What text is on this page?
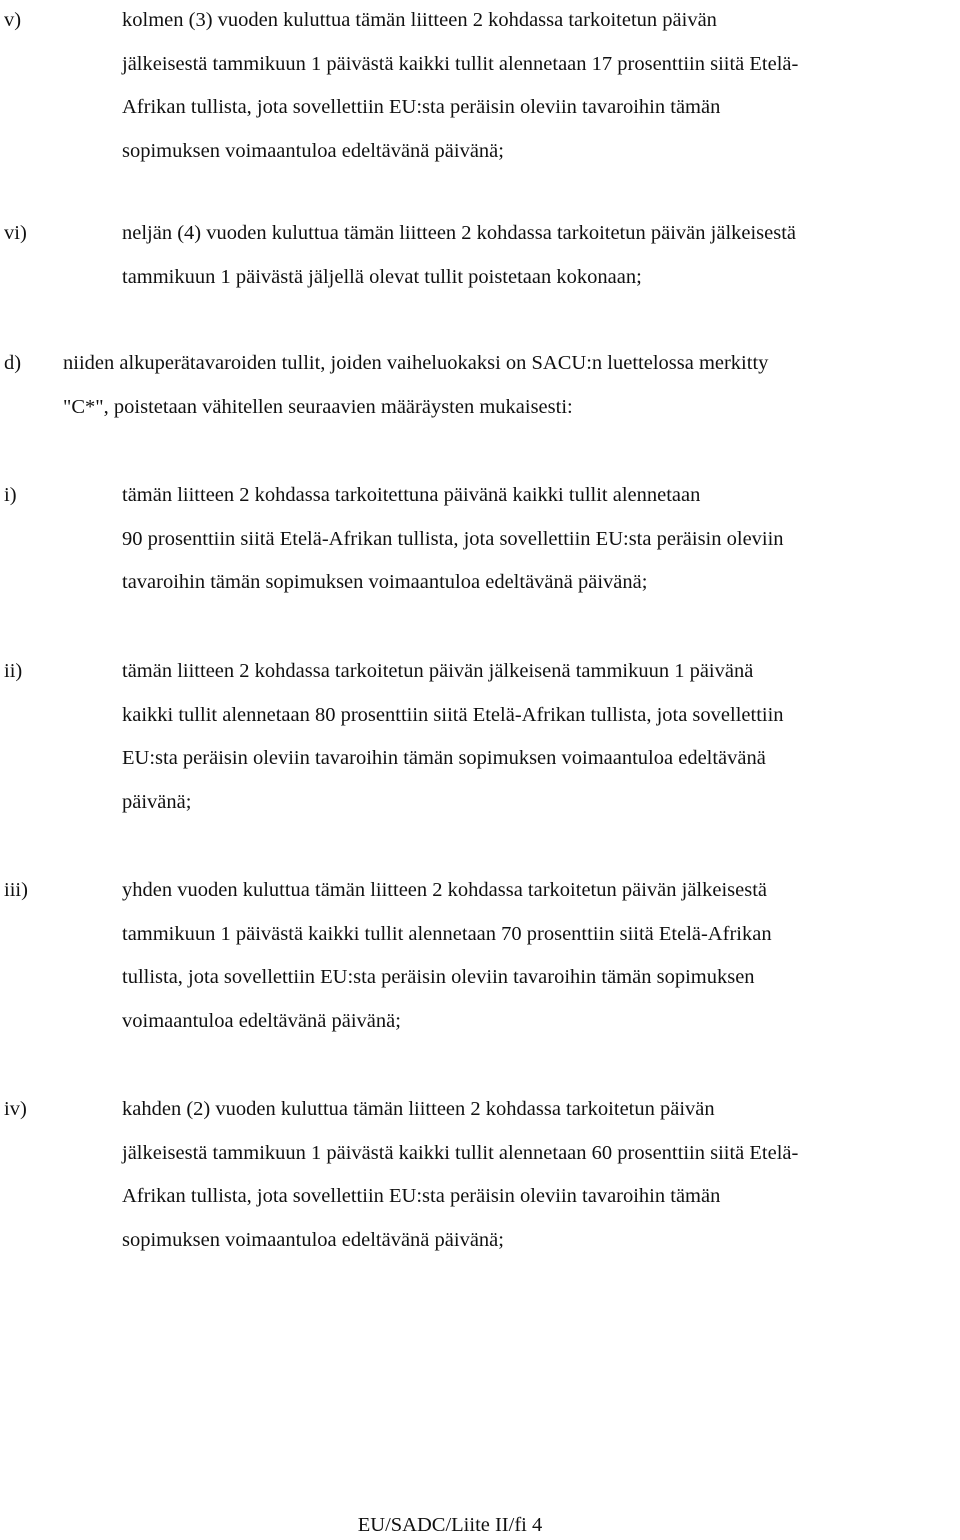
v)	kolmen (3) vuoden kuluttua tämän liitteen 2 kohdassa tarkoitetun päivän
jälkeisestä tammikuun 1 päivästä kaikki tullit alennetaan 17 prosenttiin siitä Etelä-
Afrikan tullista, jota sovellettiin EU:sta peräisin oleviin tavaroihin tämän
sopimuksen voimaantuloa edeltävänä päivänä;
vi)	neljän (4) vuoden kuluttua tämän liitteen 2 kohdassa tarkoitetun päivän jälkeisestä
tammikuun 1 päivästä jäljellä olevat tullit poistetaan kokonaan;
d) niiden alkuperätavaroiden tullit, joiden vaiheluokaksi on SACU:n luettelossa merkitty
"C*", poistetaan vähitellen seuraavien määräysten mukaisesti:
i)	tämän liitteen 2 kohdassa tarkoitettuna päivänä kaikki tullit alennetaan
90 prosenttiin siitä Etelä-Afrikan tullista, jota sovellettiin EU:sta peräisin oleviin
tavaroihin tämän sopimuksen voimaantuloa edeltävänä päivänä;
ii)	tämän liitteen 2 kohdassa tarkoitetun päivän jälkeisenä tammikuun 1 päivänä
kaikki tullit alennetaan 80 prosenttiin siitä Etelä-Afrikan tullista, jota sovellettiin
EU:sta peräisin oleviin tavaroihin tämän sopimuksen voimaantuloa edeltävänä
päivänä;
iii)	yhden vuoden kuluttua tämän liitteen 2 kohdassa tarkoitetun päivän jälkeisestä
tammikuun 1 päivästä kaikki tullit alennetaan 70 prosenttiin siitä Etelä-Afrikan
tullista, jota sovellettiin EU:sta peräisin oleviin tavaroihin tämän sopimuksen
voimaantuloa edeltävänä päivänä;
iv)	kahden (2) vuoden kuluttua tämän liitteen 2 kohdassa tarkoitetun päivän
jälkeisestä tammikuun 1 päivästä kaikki tullit alennetaan 60 prosenttiin siitä Etelä-
Afrikan tullista, jota sovellettiin EU:sta peräisin oleviin tavaroihin tämän
sopimuksen voimaantuloa edeltävänä päivänä;
EU/SADC/Liite II/fi 4
